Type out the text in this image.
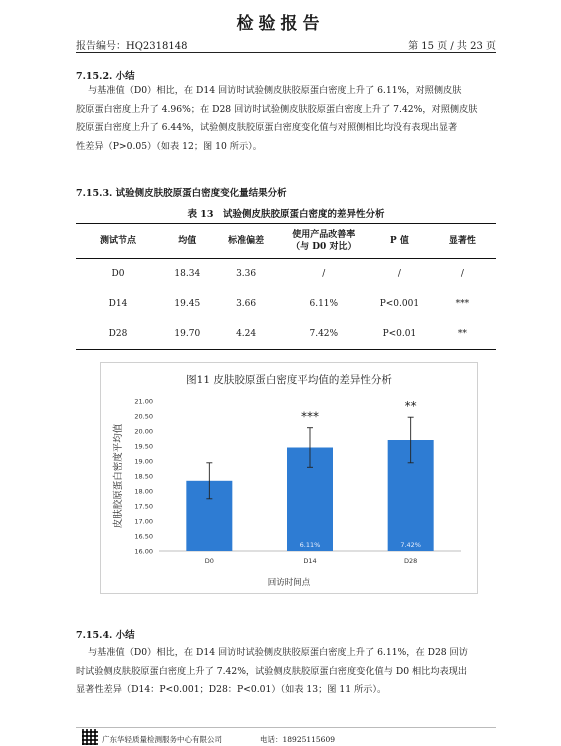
检验报告
报告编号：HQ2318148	第 15 页 / 共 23 页
7.15.2. 小结
与基准值（D0）相比，在 D14 回访时试验侧皮肤胶原蛋白密度上升了 6.11%，对照侧皮肤
胶原蛋白密度上升了 4.96%；在 D28 回访时试验侧皮肤胶原蛋白密度上升了 7.42%，对照侧皮肤
胶原蛋白密度上升了 6.44%，试验侧皮肤胶原蛋白密度变化值与对照侧相比均没有表现出显著
性差异（P>0.05）（如表 12；图 10 所示）。
7.15.3. 试验侧皮肤胶原蛋白密度变化量结果分析
表 13　试验侧皮肤胶原蛋白密度的差异性分析
测试节点	均值	标准偏差	使用产品改善率
（与 D0 对比）	P 值	显著性
D0	18.34	3.36	/	/	/
D14	19.45	3.66	6.11%	P<0.001	***
D28	19.70	4.24	7.42%	P<0.01	**
图11 皮肤胶原蛋白密度平均值的差异性分析
21.00
20.50
20.00
19.50
19.00
18.50
18.00
17.50
17.00
16.50
16.00
D0	D14
6.11%
***
D28
7.42%
**
皮肤胶原蛋白密度平均值
回访时间点
7.15.4. 小结
与基准值（D0）相比，在 D14 回访时试验侧皮肤胶原蛋白密度上升了 6.11%，在 D28 回访
时试验侧皮肤胶原蛋白密度上升了 7.42%，试验侧皮肤胶原蛋白密度变化值与 D0 相比均表现出
显著性差异（D14：P<0.001；D28：P<0.01）（如表 13；图 11 所示）。
广东华轻质量检测服务中心有限公司	电话：18925115609
